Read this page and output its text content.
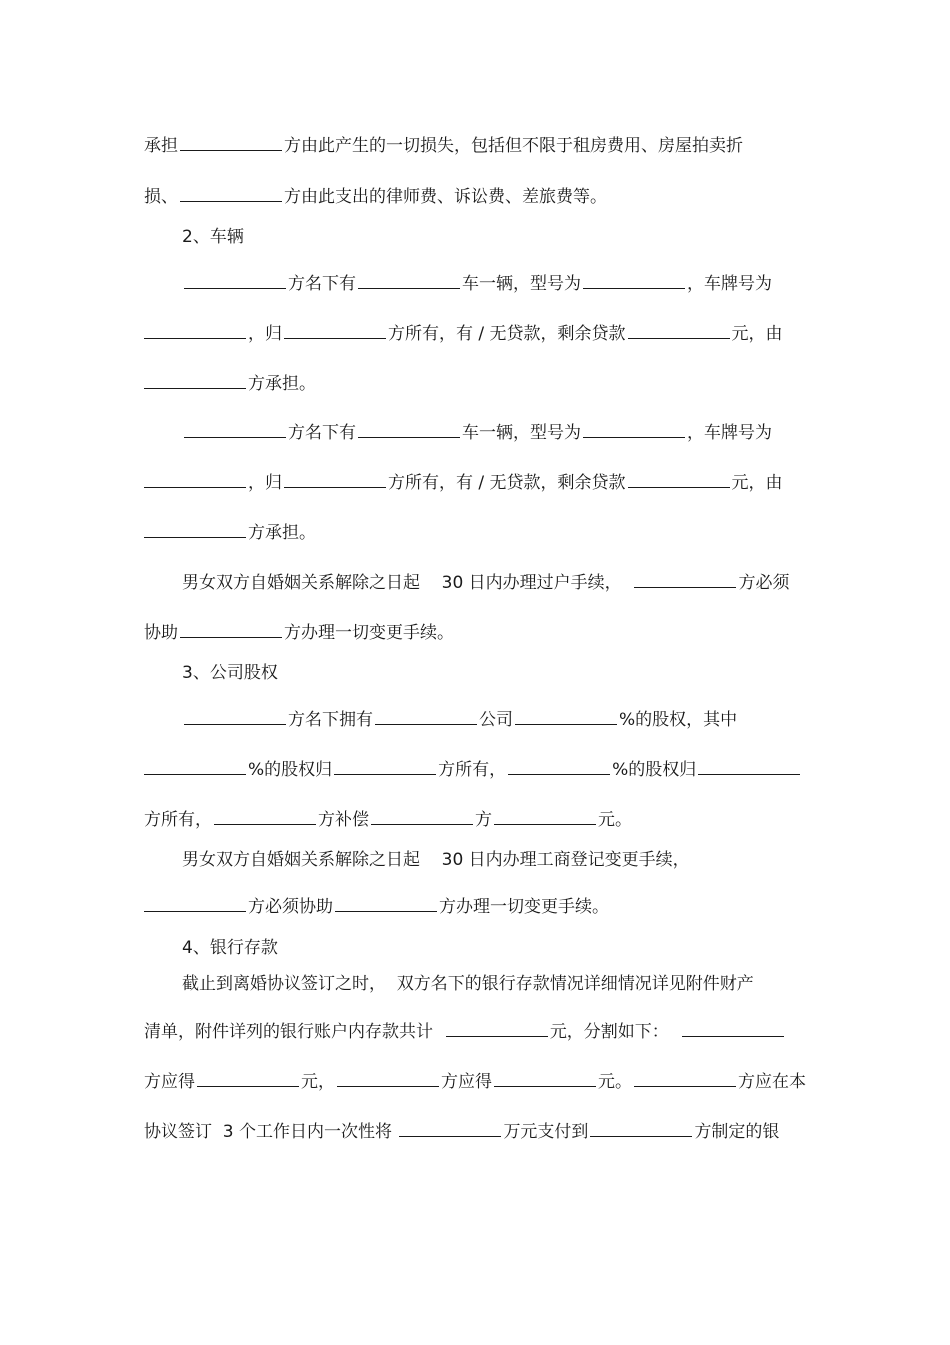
承担	方由此产生的一切损失，包括但不限于租房费用、房屋拍卖折
损、	方由此支出的律师费、诉讼费、差旅费等。
2、车辆
方名下有	车一辆，型号为	，车牌号为
，归	方所有，有 / 无贷款，剩余贷款	元，由
方承担。
方名下有	车一辆，型号为	，车牌号为
，归	方所有，有 / 无贷款，剩余贷款	元，由
方承担。
男女双方自婚姻关系解除之日起 30 日内办理过户手续，	方必须
协助	方办理一切变更手续。
3、公司股权
方名下拥有	公司	%的股权，其中
%的股权归	方所有，	%的股权归
方所有，	方补偿	方	元。
男女双方自婚姻关系解除之日起 30 日内办理工商登记变更手续，
方必须协助	方办理一切变更手续。
4、银行存款
截止到离婚协议签订之时，  双方名下的银行存款情况详细情况详见附件财产
清单，附件详列的银行账户内存款共计	元，分割如下：
方应得	元，	方应得	元。	方应在本
协议签订  3 个工作日内一次性将	万元支付到	方制定的银
